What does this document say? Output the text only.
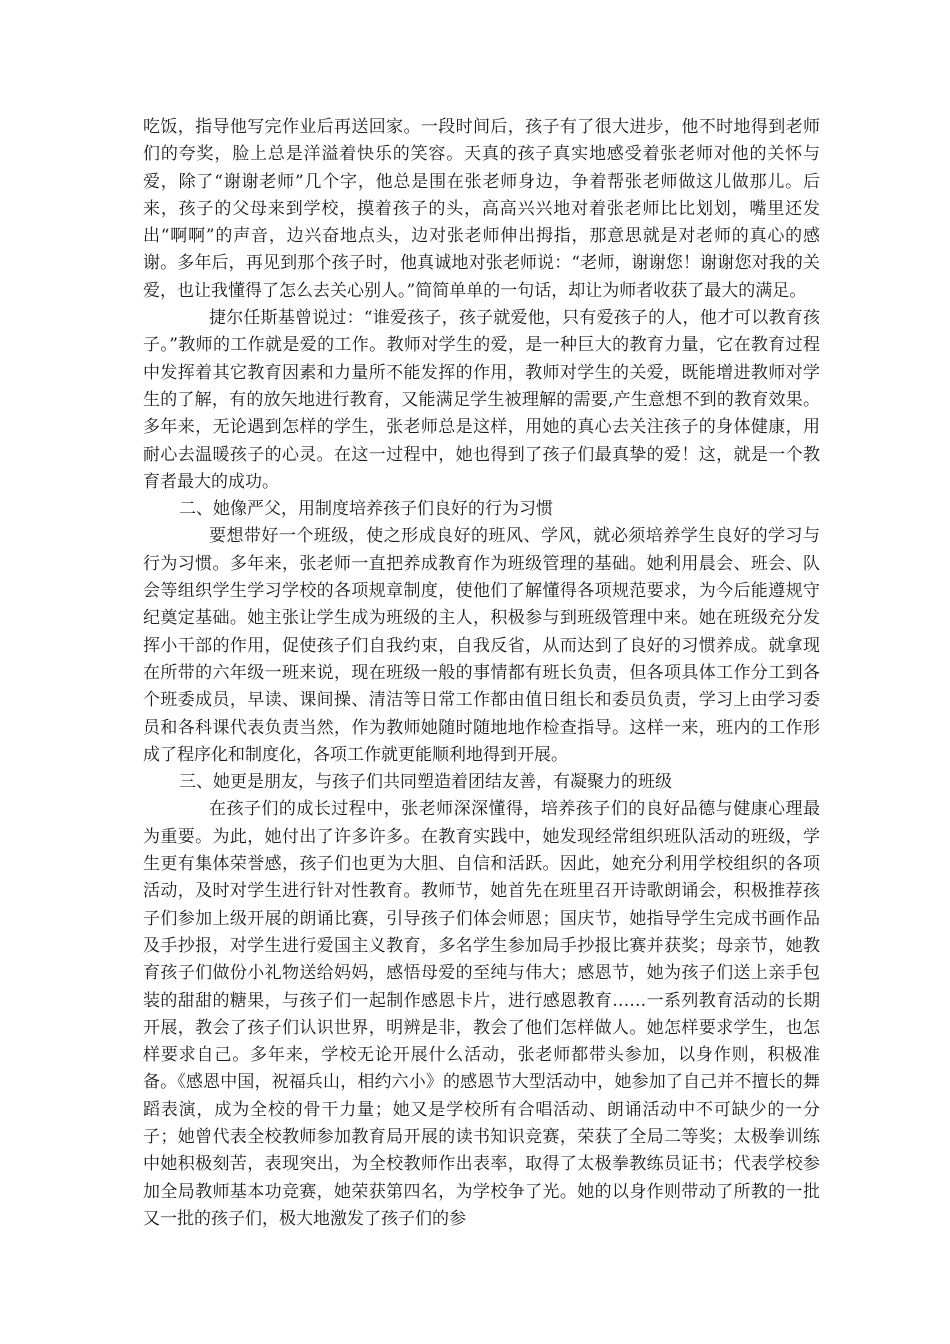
吃饭，指导他写完作业后再送回家。一段时间后，孩子有了很大进步，他不时地得到老师们的夸奖，脸上总是洋溢着快乐的笑容。天真的孩子真实地感受着张老师对他的关怀与爱，除了“谢谢老师”几个字，他总是围在张老师身边，争着帮张老师做这儿做那儿。后来，孩子的父母来到学校，摸着孩子的头，高高兴兴地对着张老师比比划划，嘴里还发出“啊啊”的声音，边兴奋地点头，边对张老师伸出拇指，那意思就是对老师的真心的感谢。多年后，再见到那个孩子时，他真诚地对张老师说：“老师，谢谢您！谢谢您对我的关爱，也让我懂得了怎么去关心别人。”简简单单的一句话，却让为师者收获了最大的满足。

捷尔任斯基曾说过：“谁爱孩子，孩子就爱他，只有爱孩子的人，他才可以教育孩子。”教师的工作就是爱的工作。教师对学生的爱，是一种巨大的教育力量，它在教育过程中发挥着其它教育因素和力量所不能发挥的作用，教师对学生的关爱，既能增进教师对学生的了解，有的放矢地进行教育，又能满足学生被理解的需要,产生意想不到的教育效果。多年来，无论遇到怎样的学生，张老师总是这样，用她的真心去关注孩子的身体健康，用耐心去温暖孩子的心灵。在这一过程中，她也得到了孩子们最真挚的爱！这，就是一个教育者最大的成功。

二、她像严父，用制度培养孩子们良好的行为习惯

要想带好一个班级，使之形成良好的班风、学风，就必须培养学生良好的学习与行为习惯。多年来，张老师一直把养成教育作为班级管理的基础。她利用晨会、班会、队会等组织学生学习学校的各项规章制度，使他们了解懂得各项规范要求，为今后能遵规守纪奠定基础。她主张让学生成为班级的主人，积极参与到班级管理中来。她在班级充分发挥小干部的作用，促使孩子们自我约束，自我反省，从而达到了良好的习惯养成。就拿现在所带的六年级一班来说，现在班级一般的事情都有班长负责，但各项具体工作分工到各个班委成员，早读、课间操、清洁等日常工作都由值日组长和委员负责，学习上由学习委员和各科课代表负责当然，作为教师她随时随地地作检查指导。这样一来，班内的工作形成了程序化和制度化，各项工作就更能顺利地得到开展。

三、她更是朋友，与孩子们共同塑造着团结友善，有凝聚力的班级

在孩子们的成长过程中，张老师深深懂得，培养孩子们的良好品德与健康心理最为重要。为此，她付出了许多许多。在教育实践中，她发现经常组织班队活动的班级，学生更有集体荣誉感，孩子们也更为大胆、自信和活跃。因此，她充分利用学校组织的各项活动，及时对学生进行针对性教育。教师节，她首先在班里召开诗歌朗诵会，积极推荐孩子们参加上级开展的朗诵比赛，引导孩子们体会师恩；国庆节，她指导学生完成书画作品及手抄报，对学生进行爱国主义教育，多名学生参加局手抄报比赛并获奖；母亲节，她教育孩子们做份小礼物送给妈妈，感悟母爱的至纯与伟大；感恩节，她为孩子们送上亲手包装的甜甜的糖果，与孩子们一起制作感恩卡片，进行感恩教育……一系列教育活动的长期开展，教会了孩子们认识世界，明辨是非，教会了他们怎样做人。她怎样要求学生，也怎样要求自己。多年来，学校无论开展什么活动，张老师都带头参加，以身作则，积极准备。《感恩中国，祝福兵山，相约六小》的感恩节大型活动中，她参加了自己并不擅长的舞蹈表演，成为全校的骨干力量；她又是学校所有合唱活动、朗诵活动中不可缺少的一分子；她曾代表全校教师参加教育局开展的读书知识竞赛，荣获了全局二等奖；太极拳训练中她积极刻苦，表现突出，为全校教师作出表率，取得了太极拳教练员证书；代表学校参加全局教师基本功竞赛，她荣获第四名，为学校争了光。她的以身作则带动了所教的一批又一批的孩子们，极大地激发了孩子们的参
